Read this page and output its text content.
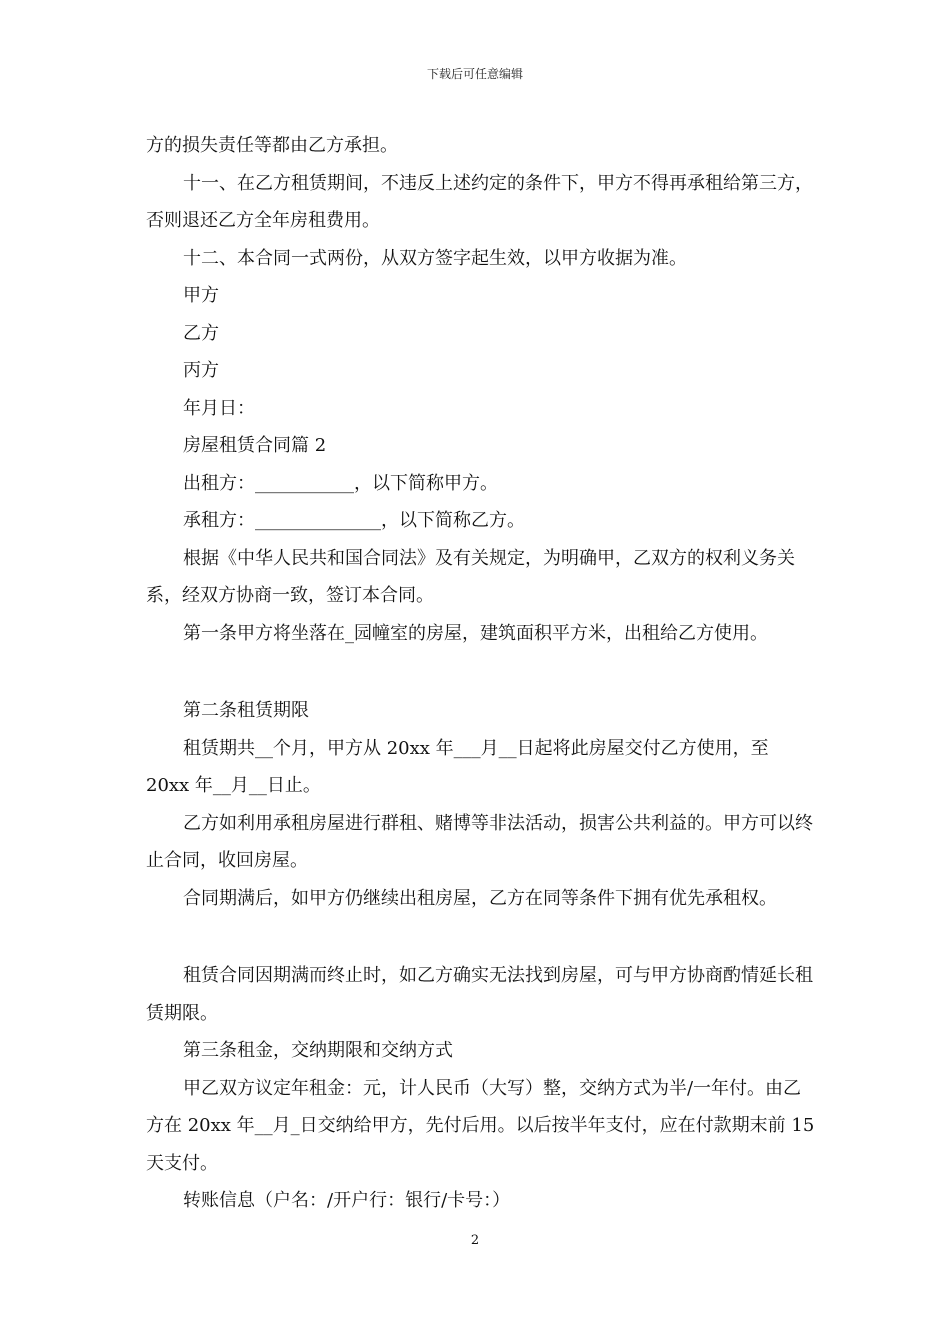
下载后可任意编辑

方的损失责任等都由乙方承担。

十一、在乙方租赁期间，不违反上述约定的条件下，甲方不得再承租给第三方，否则退还乙方全年房租费用。

十二、本合同一式两份，从双方签字起生效，以甲方收据为准。

甲方

乙方

丙方

年月日：

房屋租赁合同篇 2

出租方：___________，以下简称甲方。

承租方：______________，以下简称乙方。

根据《中华人民共和国合同法》及有关规定，为明确甲，乙双方的权利义务关系，经双方协商一致，签订本合同。

第一条甲方将坐落在_园幢室的房屋，建筑面积平方米，出租给乙方使用。

第二条租赁期限

租赁期共__个月，甲方从 20xx 年___月__日起将此房屋交付乙方使用，至 20xx 年__月__日止。

乙方如利用承租房屋进行群租、赌博等非法活动，损害公共利益的。甲方可以终止合同，收回房屋。

合同期满后，如甲方仍继续出租房屋，乙方在同等条件下拥有优先承租权。

租赁合同因期满而终止时，如乙方确实无法找到房屋，可与甲方协商酌情延长租赁期限。

第三条租金，交纳期限和交纳方式

甲乙双方议定年租金：元，计人民币（大写）整，交纳方式为半/一年付。由乙方在 20xx 年__月_日交纳给甲方，先付后用。以后按半年支付，应在付款期末前 15 天支付。

转账信息（户名：/开户行：银行/卡号：）

2
